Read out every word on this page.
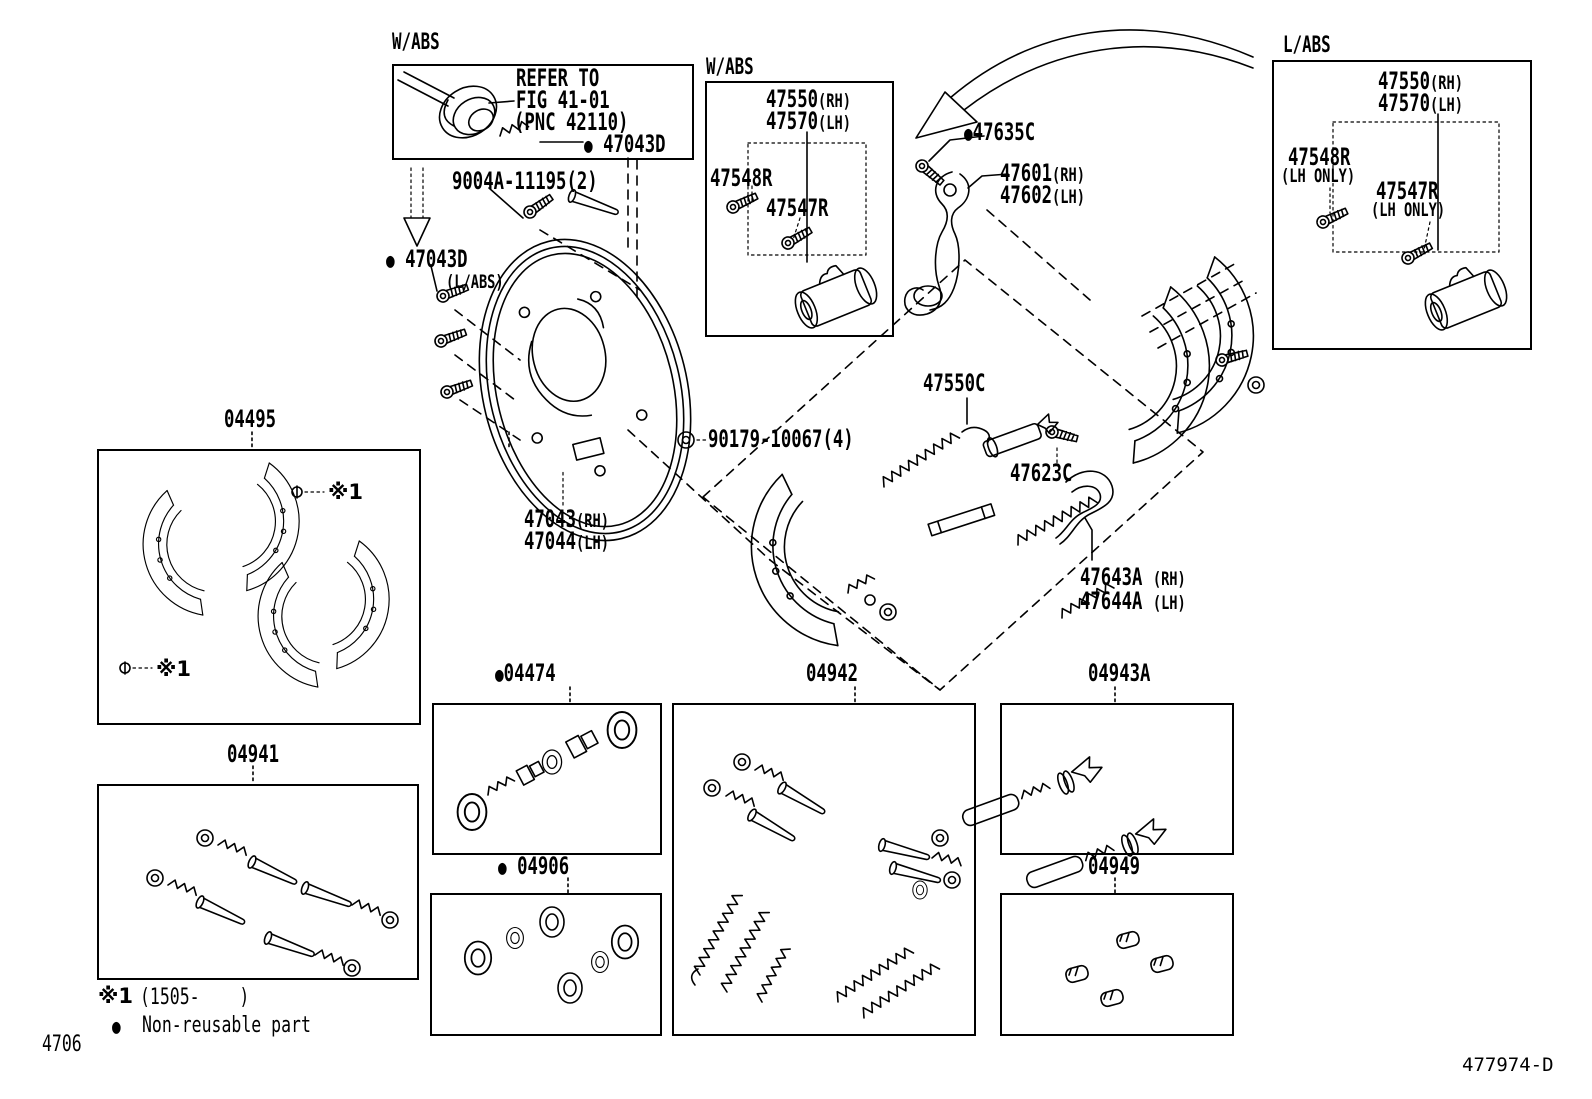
W/ABS
REFER TO
FIG 41-01
(PNC 42110)
● 47043D
9004A-11195(2)
● 47043D
(L/ABS)
W/ABS
47550(RH)
47570(LH)
47548R
47547R
●47635C
47601(RH)
47602(LH)
L/ABS
47550(RH)
47570(LH)
47548R
(LH ONLY)
47547R
(LH ONLY)
90179-10067(4)
47043(RH)
47044(LH)
47550C
47623C
47643A (RH)
47644A (LH)
04495
04941
●04474
● 04906
04942	04943A
04949
※1
※1
※1 (1505-    )
● Non-reusable part
4706
477974-D
